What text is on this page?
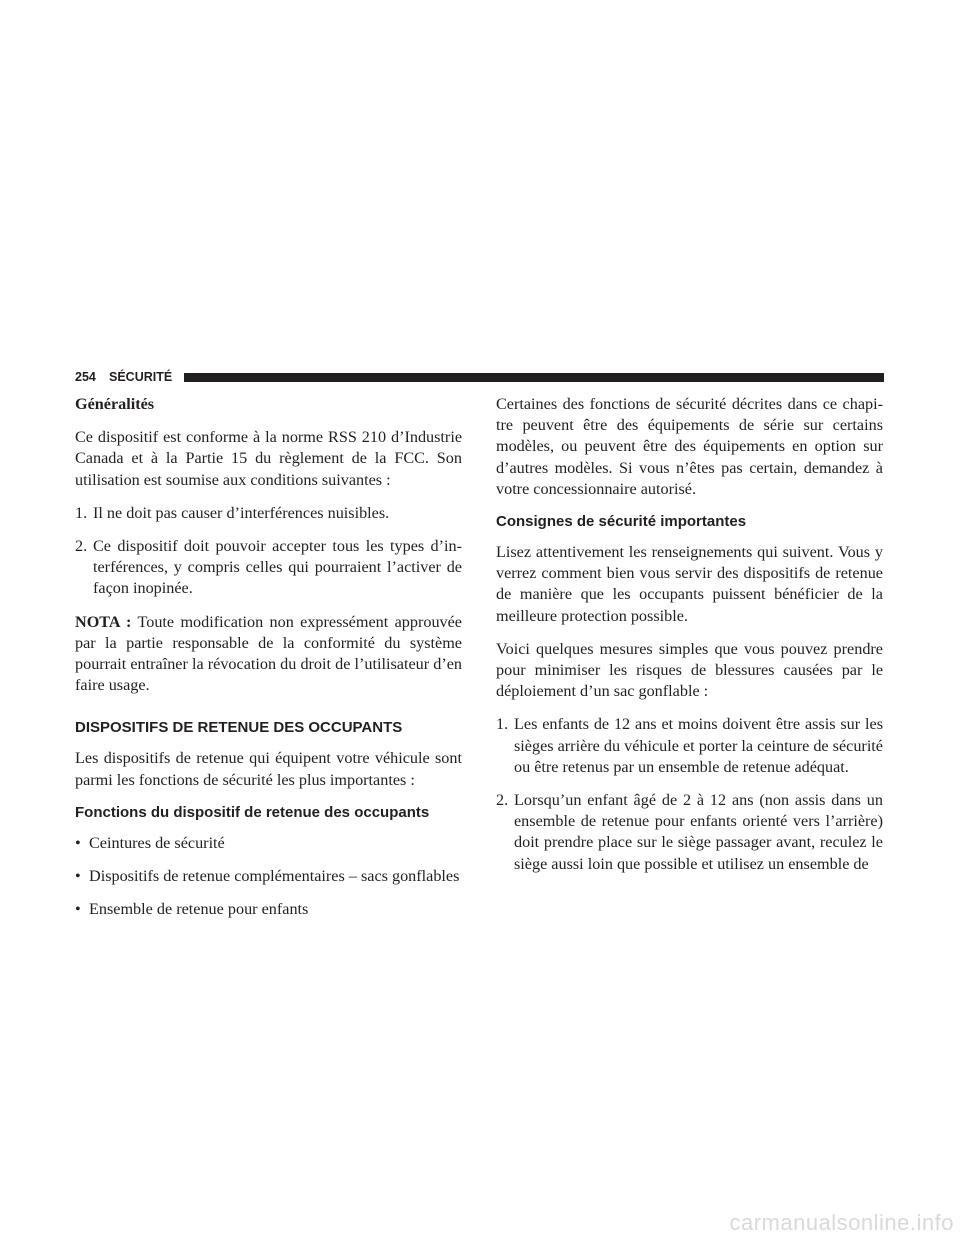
254 SÉCURITÉ
Généralités

Ce dispositif est conforme à la norme RSS 210 d’Industrie Canada et à la Partie 15 du règlement de la FCC. Son utilisation est soumise aux conditions suivantes :

1. Il ne doit pas causer d’interférences nuisibles.
2. Ce dispositif doit pouvoir accepter tous les types d’in-terférences, y compris celles qui pourraient l’activer de façon inopinée.

NOTA : Toute modification non expressément approuvée par la partie responsable de la conformité du système pourrait entraîner la révocation du droit de l’utilisateur d’en faire usage.

DISPOSITIFS DE RETENUE DES OCCUPANTS

Les dispositifs de retenue qui équipent votre véhicule sont parmi les fonctions de sécurité les plus importantes :

Fonctions du dispositif de retenue des occupants
• Ceintures de sécurité
• Dispositifs de retenue complémentaires – sacs gonflables
• Ensemble de retenue pour enfants

Certaines des fonctions de sécurité décrites dans ce chapi-tre peuvent être des équipements de série sur certains modèles, ou peuvent être des équipements en option sur d’autres modèles. Si vous n’êtes pas certain, demandez à votre concessionnaire autorisé.

Consignes de sécurité importantes

Lisez attentivement les renseignements qui suivent. Vous y verrez comment bien vous servir des dispositifs de retenue de manière que les occupants puissent bénéficier de la meilleure protection possible.

Voici quelques mesures simples que vous pouvez prendre pour minimiser les risques de blessures causées par le déploiement d’un sac gonflable :

1. Les enfants de 12 ans et moins doivent être assis sur les sièges arrière du véhicule et porter la ceinture de sécurité ou être retenus par un ensemble de retenue adéquat.
2. Lorsqu’un enfant âgé de 2 à 12 ans (non assis dans un ensemble de retenue pour enfants orienté vers l’arrière) doit prendre place sur le siège passager avant, reculez le siège aussi loin que possible et utilisez un ensemble de
carmanualsonline.info
